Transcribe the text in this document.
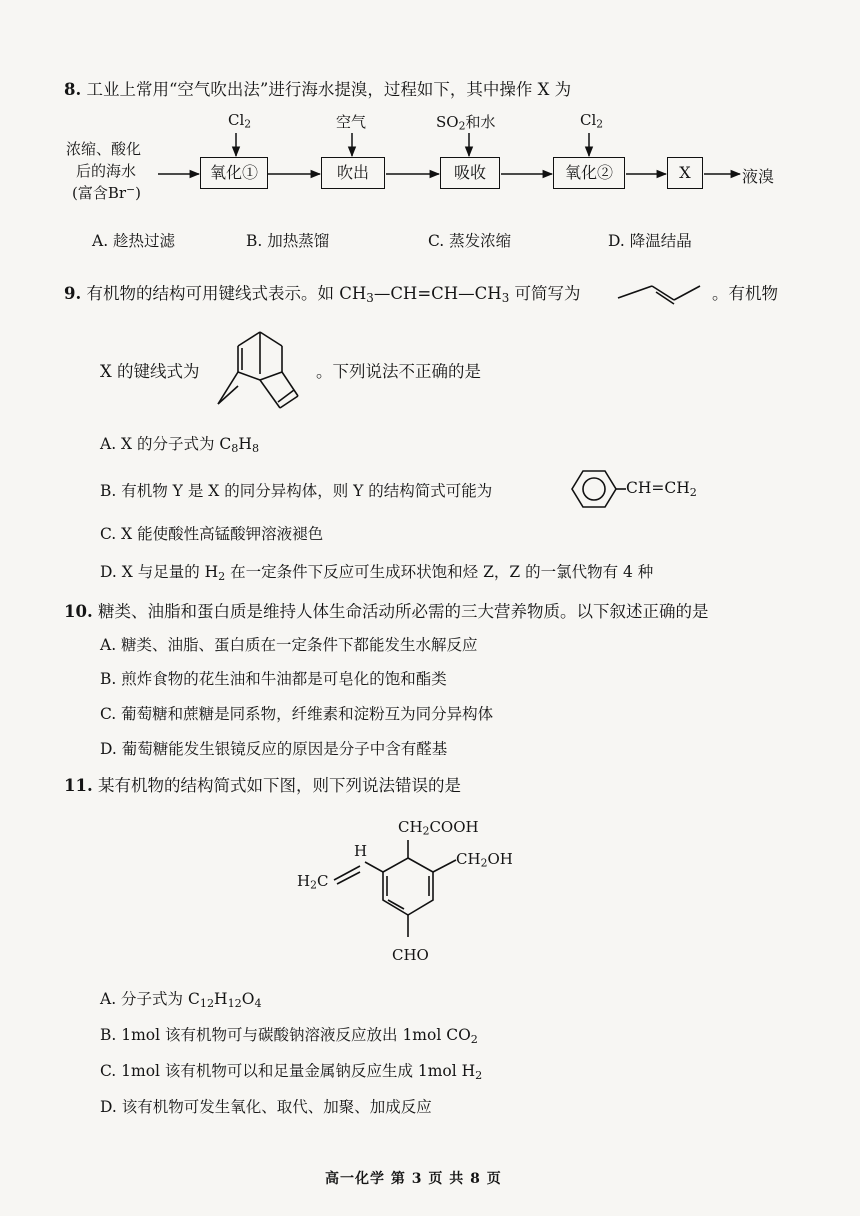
8. 工业上常用“空气吹出法”进行海水提溴，过程如下，其中操作 X 为
浓缩、酸化
后的海水
(富含Br−)
$Cl_2$	空气	$SO_2$和水	$Cl_2$
氧化①	吹出	吸收	氧化②	X	液溴
A. 趁热过滤	B. 加热蒸馏	C. 蒸发浓缩	D. 降温结晶
9. 有机物的结构可用键线式表示。如 $CH_3—CH=CH—CH_3$ 可简写为	。有机物
X 的键线式为	。下列说法不正确的是
A. X 的分子式为 $C_8H_8$
B. 有机物 Y 是 X 的同分异构体，则 Y 的结构简式可能为	$CH=CH_2$
C. X 能使酸性高锰酸钾溶液褪色
D. X 与足量的 $H_2$ 在一定条件下反应可生成环状饱和烃 Z，Z 的一氯代物有 4 种
10. 糖类、油脂和蛋白质是维持人体生命活动所必需的三大营养物质。以下叙述正确的是
A. 糖类、油脂、蛋白质在一定条件下都能发生水解反应
B. 煎炸食物的花生油和牛油都是可皂化的饱和酯类
C. 葡萄糖和蔗糖是同系物，纤维素和淀粉互为同分异构体
D. 葡萄糖能发生银镜反应的原因是分子中含有醛基
11. 某有机物的结构简式如下图，则下列说法错误的是
$CH_2COOH$
$CH_2OH$
H
$H_2C$
CHO
A. 分子式为 $C_{12}H_{12}O_4$
B. 1mol 该有机物可与碳酸钠溶液反应放出 1mol $CO_2$
C. 1mol 该有机物可以和足量金属钠反应生成 1mol $H_2$
D. 该有机物可发生氧化、取代、加聚、加成反应
高一化学 第 3 页 共 8 页
